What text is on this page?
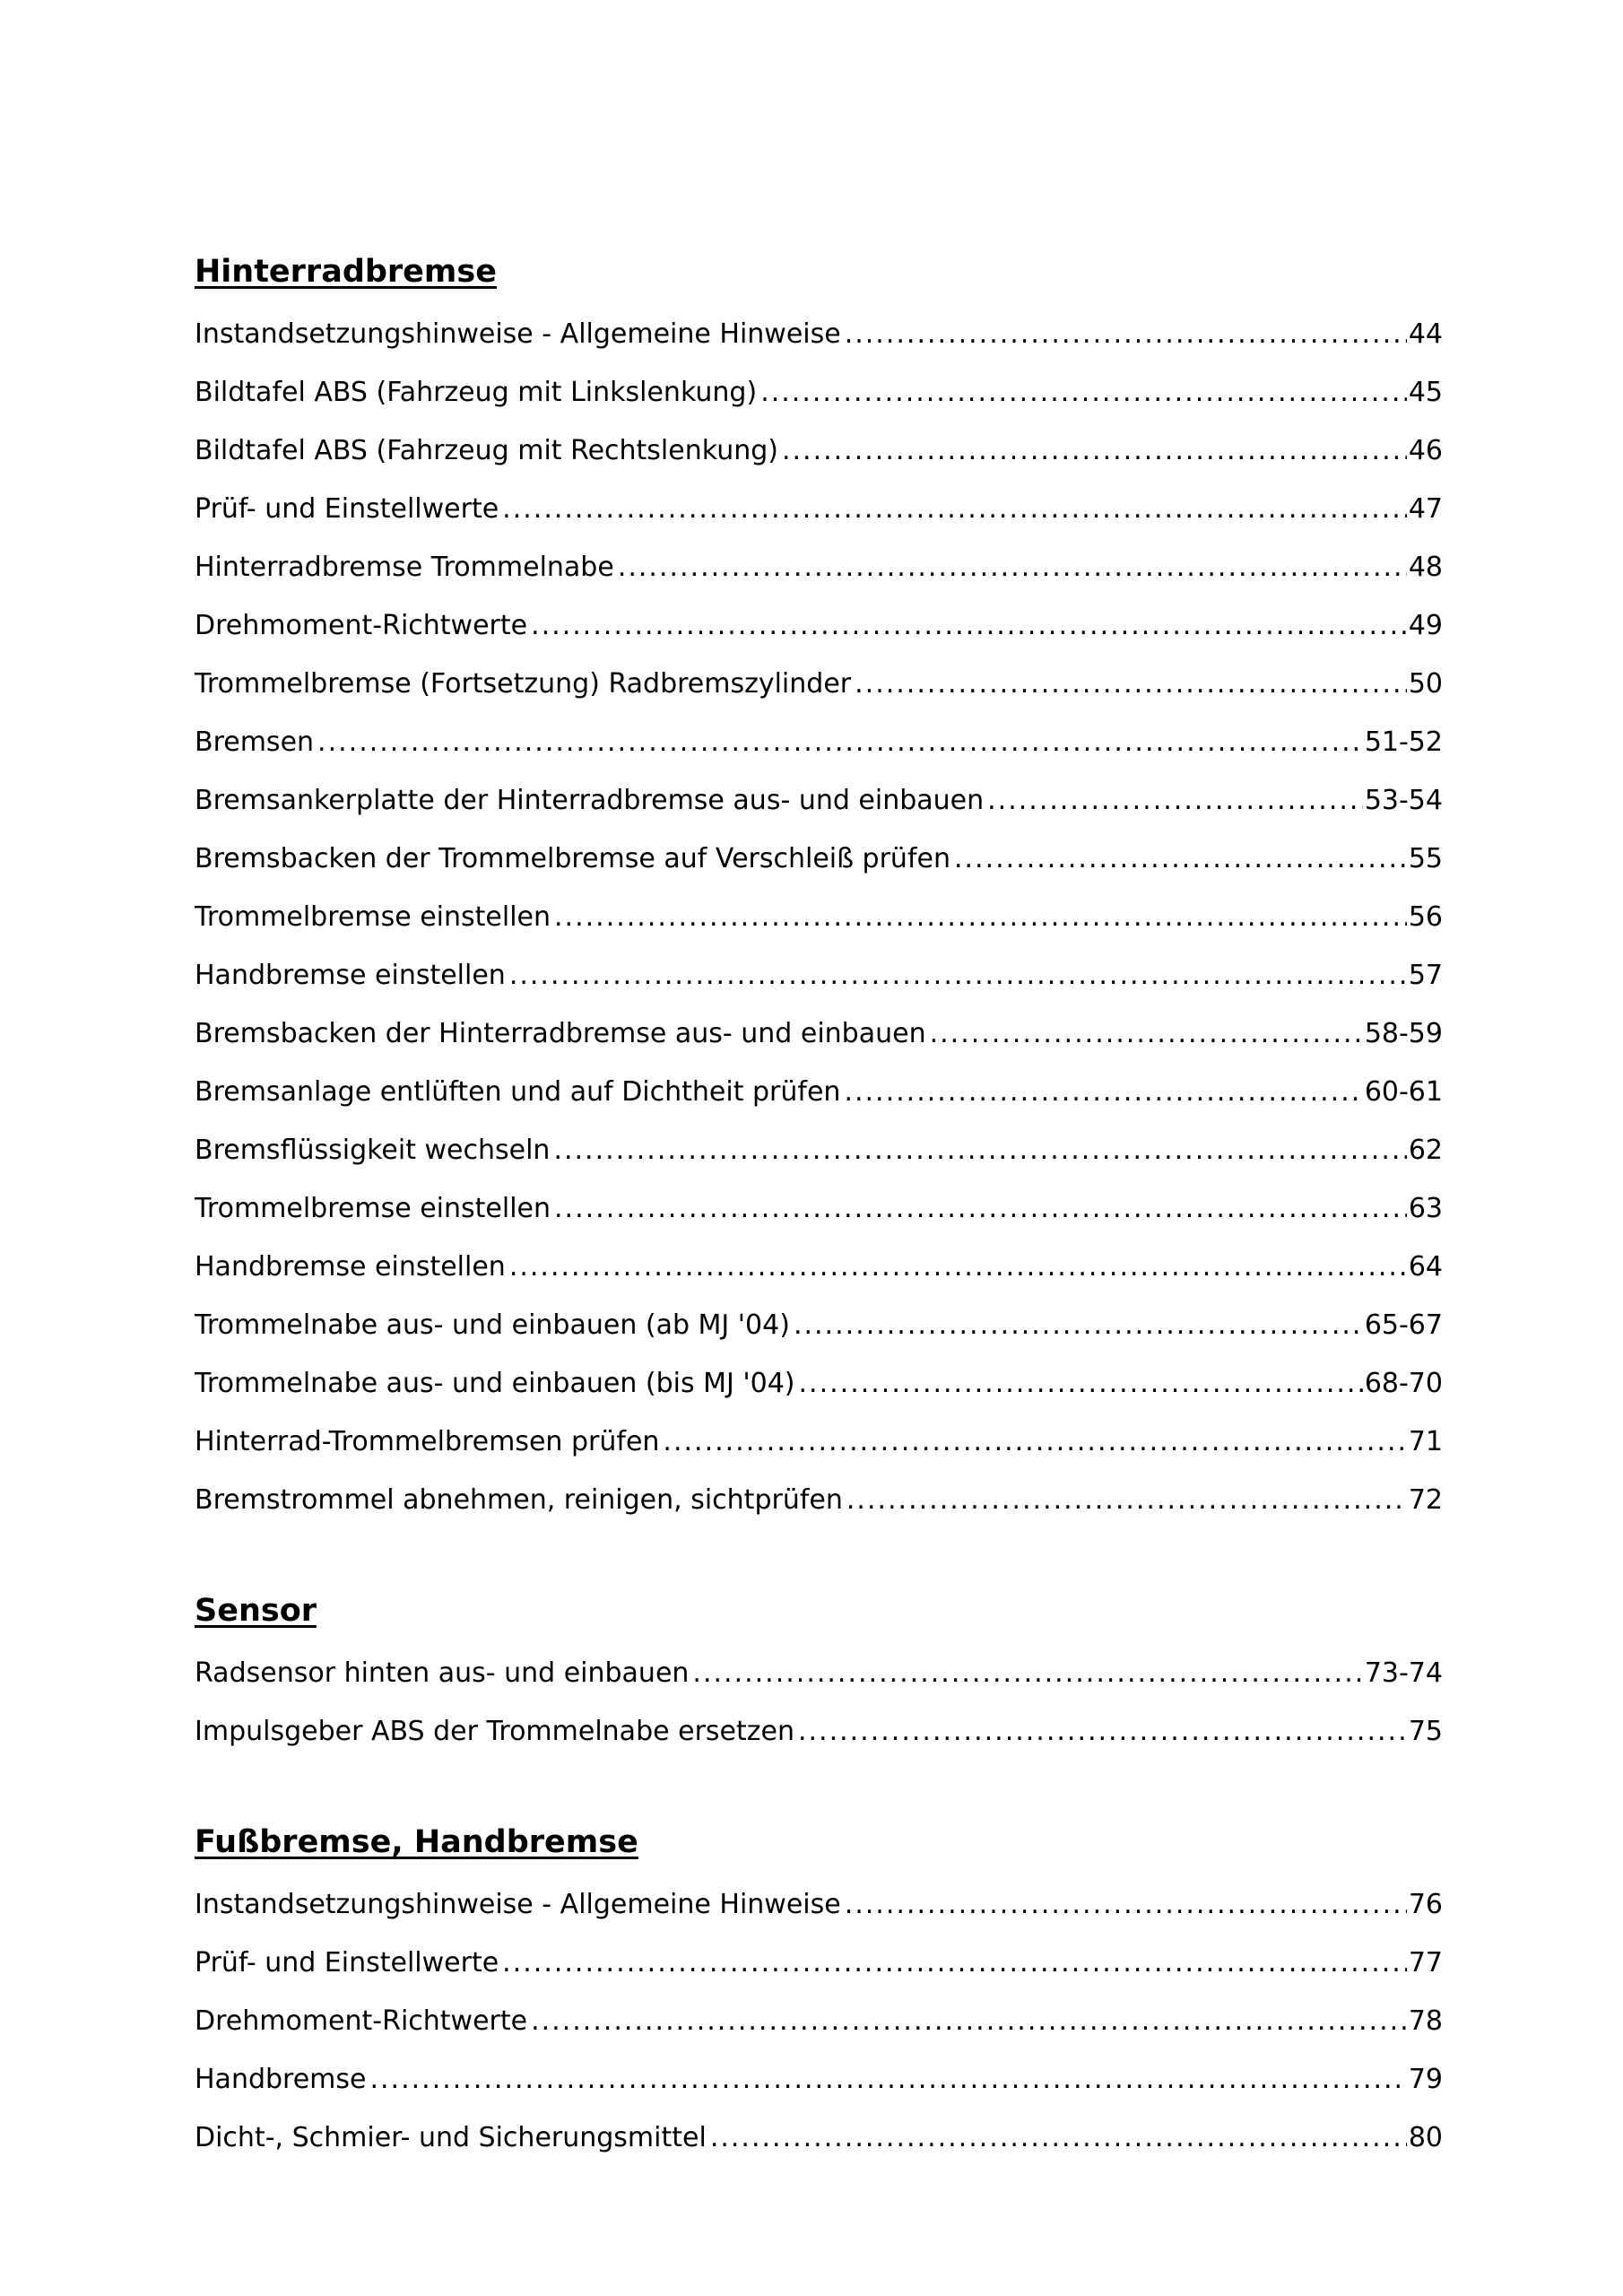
Hinterradbremse
Instandsetzungshinweise - Allgemeine Hinweise .....	44
Bildtafel ABS (Fahrzeug mit Linkslenkung) .....	45
Bildtafel ABS (Fahrzeug mit Rechtslenkung) .....	46
Prüf- und Einstellwerte .....	47
Hinterradbremse Trommelnabe .....	48
Drehmoment-Richtwerte .....	49
Trommelbremse (Fortsetzung) Radbremszylinder .....	50
Bremsen .....	51-52
Bremsankerplatte der Hinterradbremse aus- und einbauen .....	53-54
Bremsbacken der Trommelbremse auf Verschleiß prüfen .....	55
Trommelbremse einstellen .....	56
Handbremse einstellen .....	57
Bremsbacken der Hinterradbremse aus- und einbauen .....	58-59
Bremsanlage entlüften und auf Dichtheit prüfen .....	60-61
Bremsflüssigkeit wechseln .....	62
Trommelbremse einstellen .....	63
Handbremse einstellen .....	64
Trommelnabe aus- und einbauen (ab MJ '04) .....	65-67
Trommelnabe aus- und einbauen (bis MJ '04) .....	68-70
Hinterrad-Trommelbremsen prüfen .....	71
Bremstrommel abnehmen, reinigen, sichtprüfen .....	72
Sensor
Radsensor hinten aus- und einbauen .....	73-74
Impulsgeber ABS der Trommelnabe ersetzen .....	75
Fußbremse, Handbremse
Instandsetzungshinweise - Allgemeine Hinweise .....	76
Prüf- und Einstellwerte .....	77
Drehmoment-Richtwerte .....	78
Handbremse .....	79
Dicht-, Schmier- und Sicherungsmittel .....	80
